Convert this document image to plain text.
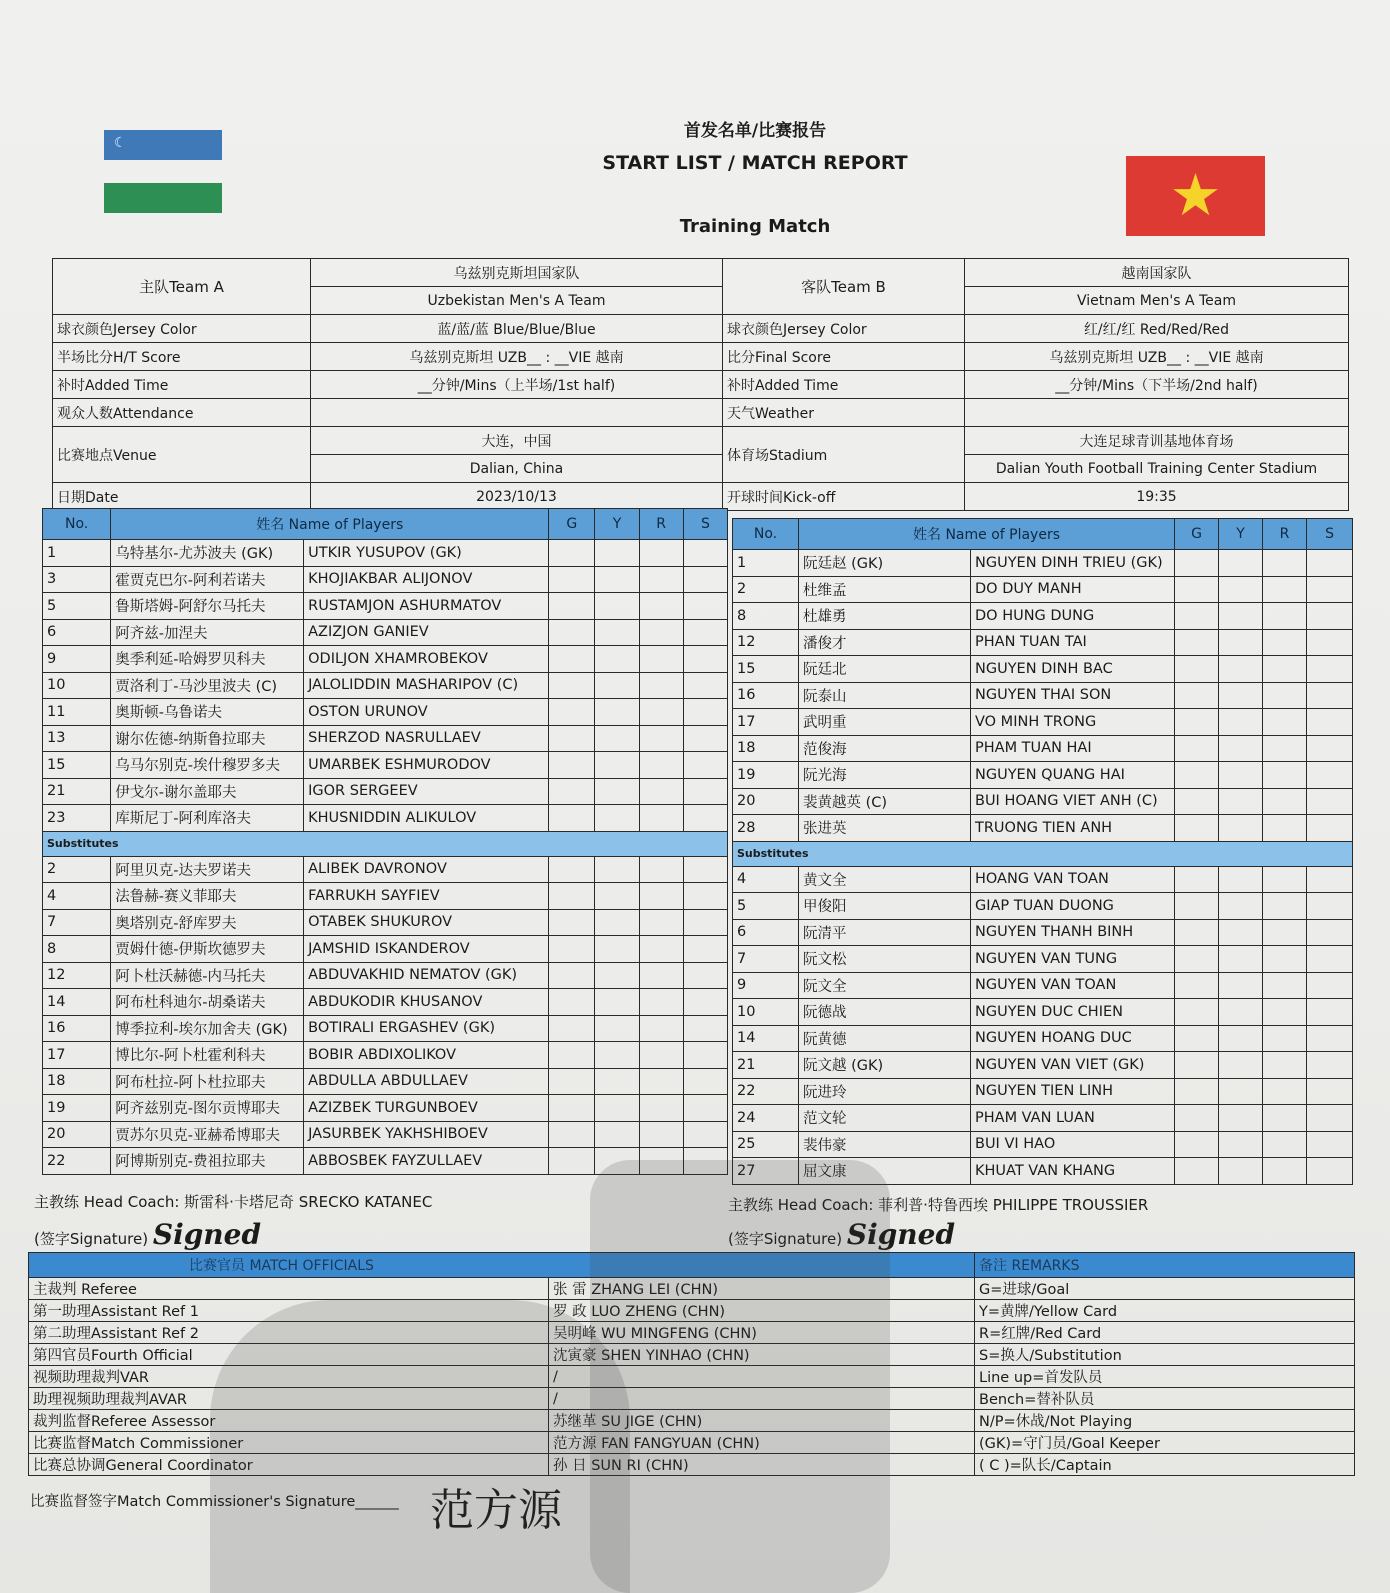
☾
★
首发名单/比赛报告
START LIST / MATCH REPORT
Training Match
主队Team A	乌兹别克斯坦国家队	客队Team B	越南国家队
	Uzbekistan Men's A Team		Vietnam Men's A Team
球衣颜色Jersey Color	蓝/蓝/蓝 Blue/Blue/Blue	球衣颜色Jersey Color	红/红/红 Red/Red/Red
半场比分H/T Score	乌兹别克斯坦 UZB__ : __VIE 越南	比分Final Score	乌兹别克斯坦 UZB__ : __VIE 越南
补时Added Time	__分钟/Mins（上半场/1st half)	补时Added Time	__分钟/Mins（下半场/2nd half)
观众人数Attendance		天气Weather	
比赛地点Venue	大连，中国	体育场Stadium	大连足球青训基地体育场
	Dalian, China		Dalian Youth Football Training Center Stadium
日期Date	2023/10/13	开球时间Kick-off	19:35
No.	姓名 Name of Players		G	Y	R	S
1	乌特基尔-尤苏波夫 (GK)	UTKIR YUSUPOV (GK)				
3	霍贾克巴尔-阿利若诺夫	KHOJIAKBAR ALIJONOV				
5	鲁斯塔姆-阿舒尔马托夫	RUSTAMJON ASHURMATOV				
6	阿齐兹-加涅夫	AZIZJON GANIEV				
9	奥季利延-哈姆罗贝科夫	ODILJON XHAMROBEKOV				
10	贾洛利丁-马沙里波夫 (C)	JALOLIDDIN MASHARIPOV (C)				
11	奥斯顿-乌鲁诺夫	OSTON URUNOV				
13	谢尔佐德-纳斯鲁拉耶夫	SHERZOD NASRULLAEV				
15	乌马尔别克-埃什穆罗多夫	UMARBEK ESHMURODOV				
21	伊戈尔-谢尔盖耶夫	IGOR SERGEEV				
23	库斯尼丁-阿利库洛夫	KHUSNIDDIN ALIKULOV				
Substitutes						
2	阿里贝克-达夫罗诺夫	ALIBEK DAVRONOV				
4	法鲁赫-赛义菲耶夫	FARRUKH SAYFIEV				
7	奥塔别克-舒库罗夫	OTABEK SHUKUROV				
8	贾姆什德-伊斯坎德罗夫	JAMSHID ISKANDEROV				
12	阿卜杜沃赫德-内马托夫	ABDUVAKHID NEMATOV (GK)				
14	阿布杜科迪尔-胡桑诺夫	ABDUKODIR KHUSANOV				
16	博季拉利-埃尔加舍夫 (GK)	BOTIRALI ERGASHEV (GK)				
17	博比尔-阿卜杜霍利科夫	BOBIR ABDIXOLIKOV				
18	阿布杜拉-阿卜杜拉耶夫	ABDULLA ABDULLAEV				
19	阿齐兹别克-图尔贡博耶夫	AZIZBEK TURGUNBOEV				
20	贾苏尔贝克-亚赫希博耶夫	JASURBEK YAKHSHIBOEV				
22	阿博斯别克-费祖拉耶夫	ABBOSBEK FAYZULLAEV				
No.	姓名 Name of Players		G	Y	R	S
1	阮廷赵 (GK)	NGUYEN DINH TRIEU (GK)				
2	杜维孟	DO DUY MANH				
8	杜雄勇	DO HUNG DUNG				
12	潘俊才	PHAN TUAN TAI				
15	阮廷北	NGUYEN DINH BAC				
16	阮泰山	NGUYEN THAI SON				
17	武明重	VO MINH TRONG				
18	范俊海	PHAM TUAN HAI				
19	阮光海	NGUYEN QUANG HAI				
20	裴黄越英 (C)	BUI HOANG VIET ANH (C)				
28	张进英	TRUONG TIEN ANH				
Substitutes						
4	黄文全	HOANG VAN TOAN				
5	甲俊阳	GIAP TUAN DUONG				
6	阮清平	NGUYEN THANH BINH				
7	阮文松	NGUYEN VAN TUNG				
9	阮文全	NGUYEN VAN TOAN				
10	阮德战	NGUYEN DUC CHIEN				
14	阮黄德	NGUYEN HOANG DUC				
21	阮文越 (GK)	NGUYEN VAN VIET (GK)				
22	阮进玲	NGUYEN TIEN LINH				
24	范文轮	PHAM VAN LUAN				
25	裴伟豪	BUI VI HAO				
27	屈文康	KHUAT VAN KHANG				
主教练 Head Coach: 斯雷科·卡塔尼奇 SRECKO KATANEC
(签字Signature) Signed
主教练 Head Coach: 菲利普·特鲁西埃 PHILIPPE TROUSSIER
(签字Signature) Signed
比赛官员 MATCH OFFICIALS		备注 REMARKS
主裁判 Referee	张 雷 ZHANG LEI (CHN)	G=进球/Goal
第一助理Assistant Ref 1	罗 政 LUO ZHENG (CHN)	Y=黄牌/Yellow Card
第二助理Assistant Ref 2	吴明峰 WU MINGFENG (CHN)	R=红牌/Red Card
第四官员Fourth Official	沈寅豪 SHEN YINHAO (CHN)	S=换人/Substitution
视频助理裁判VAR	/	Line up=首发队员
助理视频助理裁判AVAR	/	Bench=替补队员
裁判监督Referee Assessor	苏继革 SU JIGE (CHN)	N/P=休战/Not Playing
比赛监督Match Commissioner	范方源 FAN FANGYUAN (CHN)	(GK)=守门员/Goal Keeper
比赛总协调General Coordinator	孙 日 SUN RI (CHN)	( C )=队长/Captain
比赛监督签字Match Commissioner's Signature______ 范方源
